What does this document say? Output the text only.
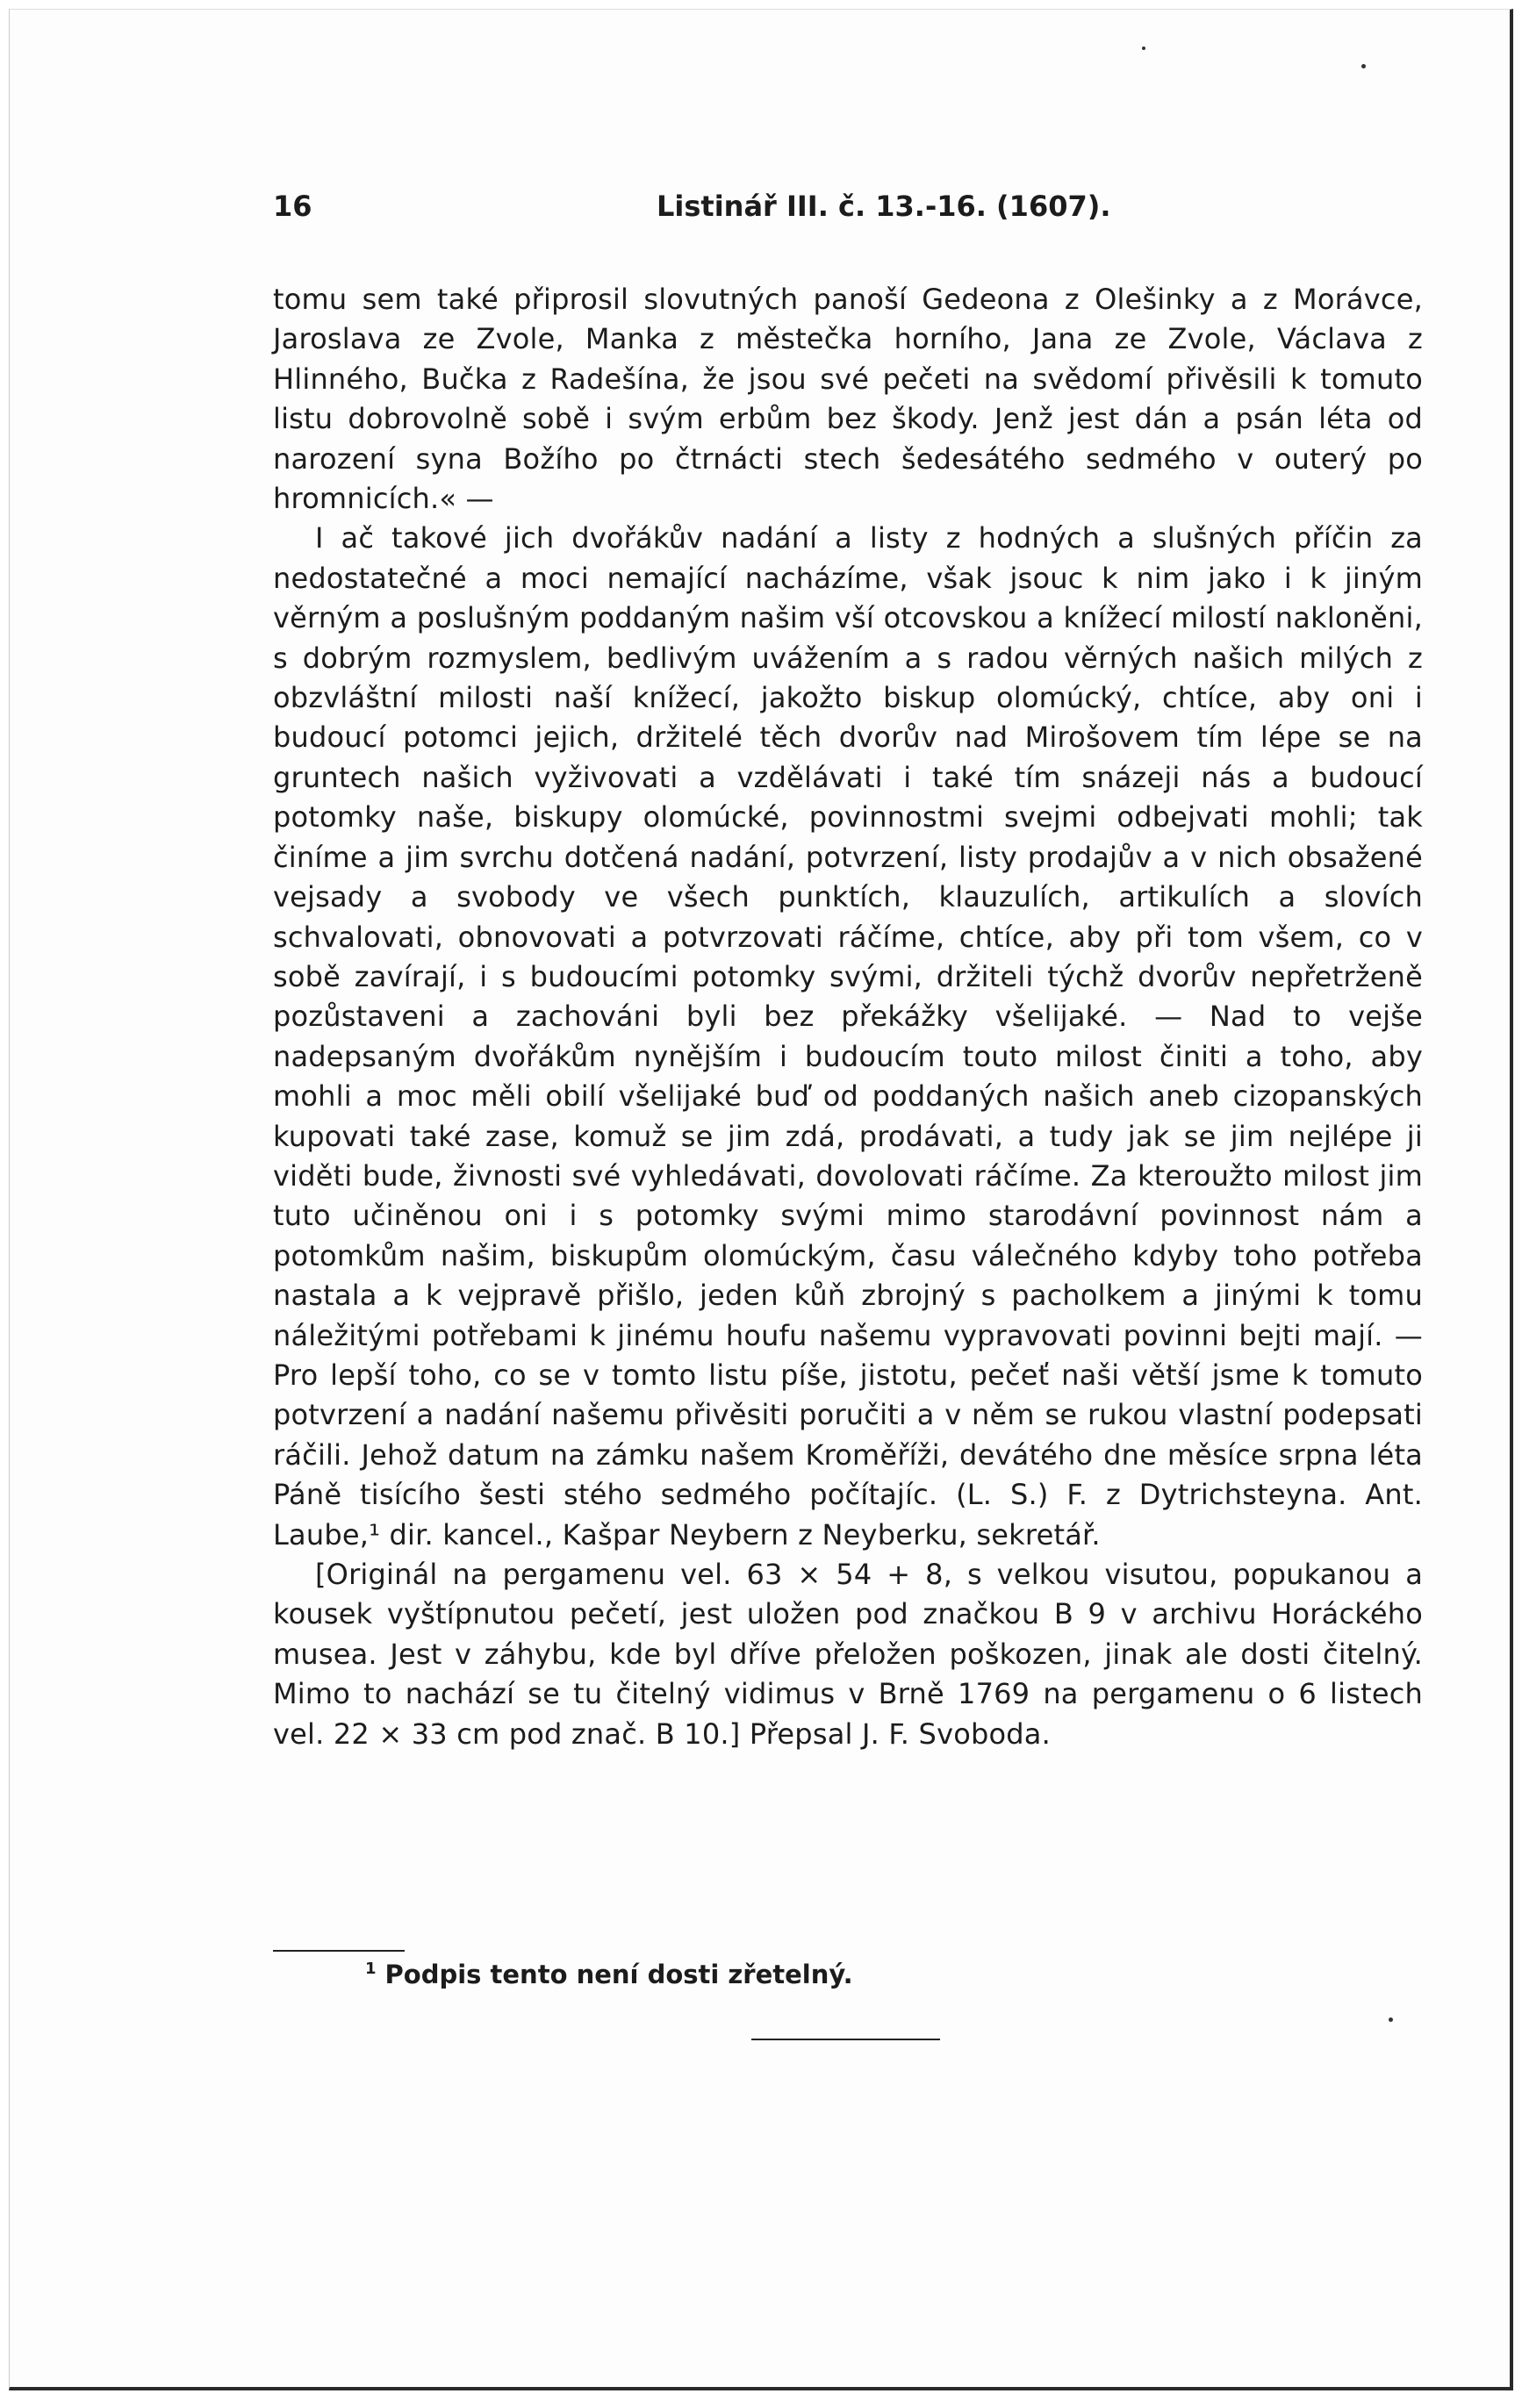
16	Listinář III. č. 13.-16. (1607).

tomu sem také připrosil slovutných panoší Gedeona z Olešinky a z Morávce, Jaroslava ze Zvole, Manka z městečka horního, Jana ze Zvole, Václava z Hlinného, Bučka z Radešína, že jsou své pečeti na svědomí přivěsili k tomuto listu dobrovolně sobě i svým erbům bez škody. Jenž jest dán a psán léta od narození syna Božího po čtrnácti stech šedesátého sedmého v outerý po hromnicích.« —

I ač takové jich dvořákův nadání a listy z hodných a slušných příčin za nedostatečné a moci nemající nacházíme, však jsouc k nim jako i k jiným věrným a poslušným poddaným našim vší otcovskou a knížecí milostí nakloněni, s dobrým rozmyslem, bedlivým uvážením a s radou věrných našich milých z obzvláštní milosti naší knížecí, jakožto biskup olomúcký, chtíce, aby oni i budoucí potomci jejich, držitelé těch dvorův nad Mirošovem tím lépe se na gruntech našich vyživovati a vzdělávati i také tím snázeji nás a budoucí potomky naše, biskupy olomúcké, povinnostmi svejmi odbejvati mohli; tak činíme a jim svrchu dotčená nadání, potvrzení, listy prodajův a v nich obsažené vejsady a svobody ve všech punktích, klauzulích, artikulích a slovích schvalovati, obnovovati a potvrzovati ráčíme, chtíce, aby při tom všem, co v sobě zavírají, i s budoucími potomky svými, držiteli týchž dvorův nepřetrženě pozůstaveni a zachováni byli bez překážky všelijaké. — Nad to vejše nadepsaným dvořákům nynějším i budoucím touto milost činiti a toho, aby mohli a moc měli obilí všelijaké buď od poddaných našich aneb cizopanských kupovati také zase, komuž se jim zdá, prodávati, a tudy jak se jim nejlépe ji viděti bude, živnosti své vyhledávati, dovolovati ráčíme. Za kteroužto milost jim tuto učiněnou oni i s potomky svými mimo starodávní povinnost nám a potomkům našim, biskupům olomúckým, času válečného kdyby toho potřeba nastala a k vejpravě přišlo, jeden kůň zbrojný s pacholkem a jinými k tomu náležitými potřebami k jinému houfu našemu vypravovati povinni bejti mají. — Pro lepší toho, co se v tomto listu píše, jistotu, pečeť naši větší jsme k tomuto potvrzení a nadání našemu přivěsiti poručiti a v něm se rukou vlastní podepsati ráčili. Jehož datum na zámku našem Kroměříži, devátého dne měsíce srpna léta Páně tisícího šesti stého sedmého počítajíc. (L. S.) F. z Dytrichsteyna. Ant. Laube,¹ dir. kancel., Kašpar Neybern z Neyberku, sekretář.

[Originál na pergamenu vel. 63 × 54 + 8, s velkou visutou, popukanou a kousek vyštípnutou pečetí, jest uložen pod značkou B 9 v archivu Horáckého musea. Jest v záhybu, kde byl dříve přeložen poškozen, jinak ale dosti čitelný. Mimo to nachází se tu čitelný vidimus v Brně 1769 na pergamenu o 6 listech vel. 22 × 33 cm pod znač. B 10.] Přepsal J. F. Svoboda.

$^1$ Podpis tento není dosti zřetelný.
